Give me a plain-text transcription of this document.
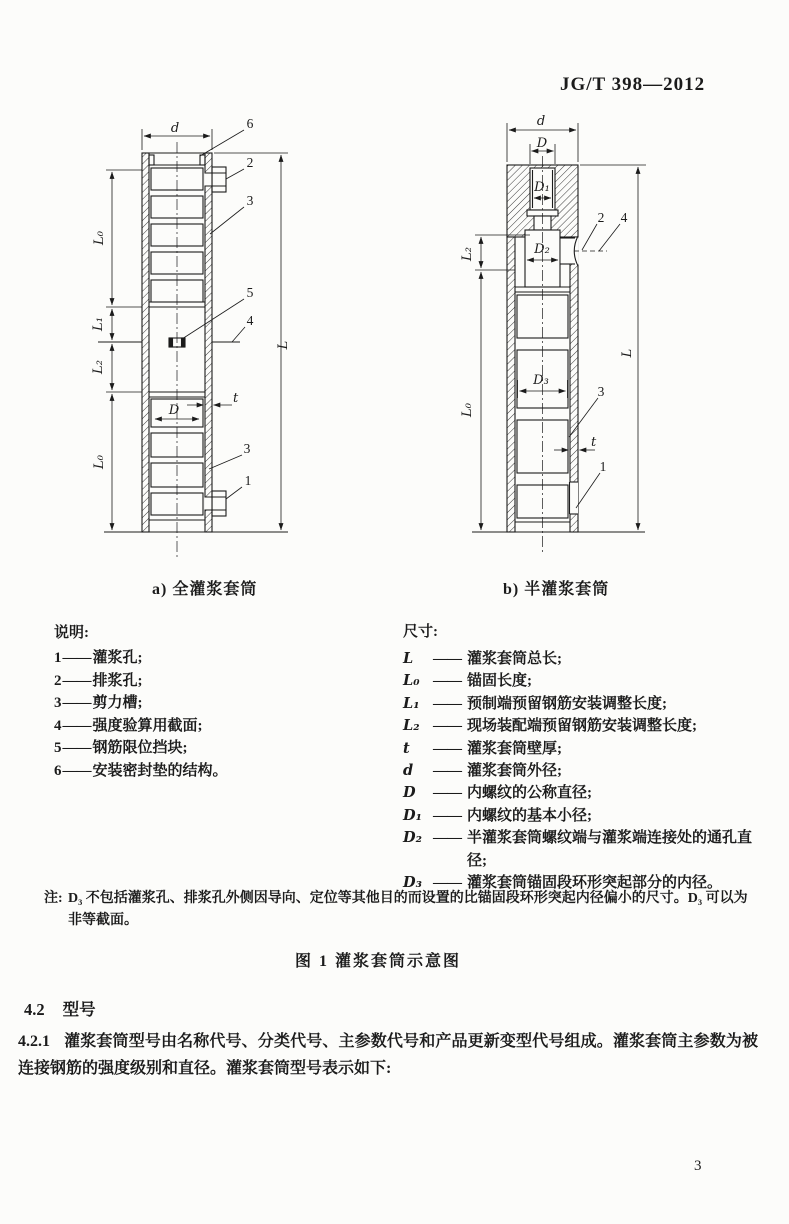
JG/T 398—2012
d
L
L₀
L₁
L₂
L₀
D
t
6
2
3
5
4
3
1
d
D
D₁
D₂
D₃
L₂
L₀
L
t
2 4
3
1
a) 全灌浆套筒	b) 半灌浆套筒
说明:
1—— 灌浆孔;
2—— 排浆孔;
3—— 剪力槽;
4—— 强度验算用截面;
5—— 钢筋限位挡块;
6—— 安装密封垫的结构。
尺寸:
L	—— 灌浆套筒总长;
L₀ —— 锚固长度;
L₁ —— 预制端预留钢筋安装调整长度;
L₂ —— 现场装配端预留钢筋安装调整长度;
t	—— 灌浆套筒壁厚;
d	—— 灌浆套筒外径;
D	—— 内螺纹的公称直径;
D₁ —— 内螺纹的基本小径;
D₂ —— 半灌浆套筒螺纹端与灌浆端连接处的通孔直径;
D₃ —— 灌浆套筒锚固段环形突起部分的内径。
注: D₃ 不包括灌浆孔、排浆孔外侧因导向、定位等其他目的而设置的比锚固段环形突起内径偏小的尺寸。D₃ 可以为非等截面。
图 1 灌浆套筒示意图
4.2 型号
4.2.1 灌浆套筒型号由名称代号、分类代号、主参数代号和产品更新变型代号组成。灌浆套筒主参数为被连接钢筋的强度级别和直径。灌浆套筒型号表示如下:
3
